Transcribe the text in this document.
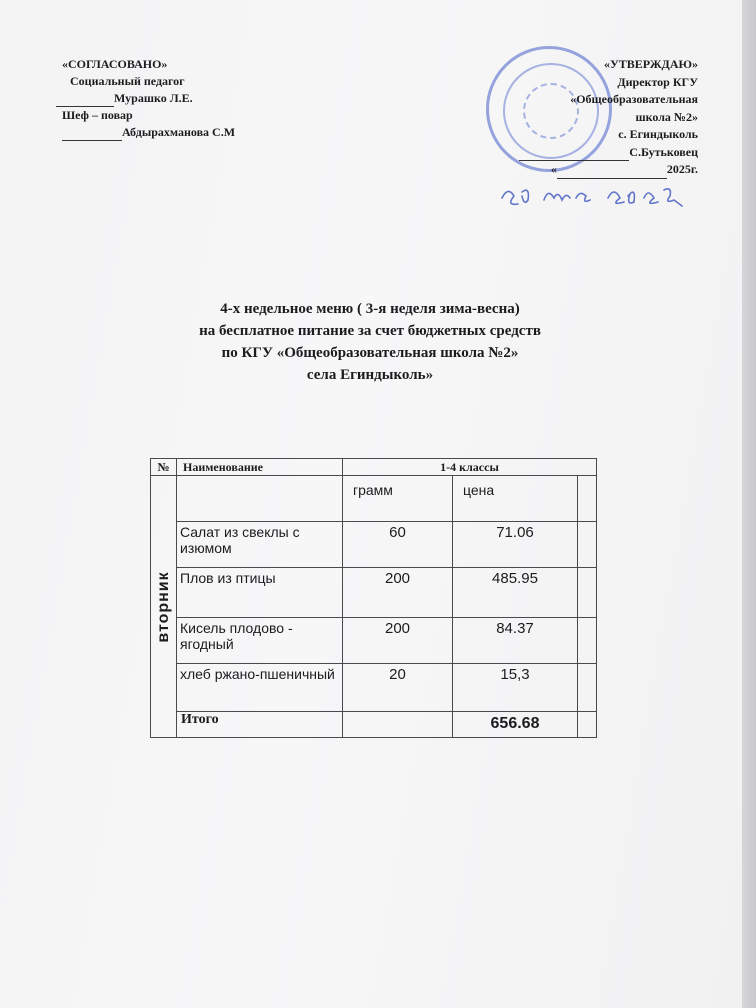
«СОГЛАСОВАНО»
Социальный педагог
Мурашко Л.Е.
Шеф – повар
Абдырахманова С.М
«УТВЕРЖДАЮ»
Директор КГУ
«Общеобразовательная
школа №2»
с. Егиндыколь
С.Бутьковец
«	2025г.
4-х недельное меню ( 3-я неделя зима-весна)
на бесплатное питание за счет бюджетных средств
по КГУ «Общеобразовательная школа №2»
села Егиндыколь»
№	Наименование	1-4 классы		

вторник		грамм	цена	
	Салат из свеклы с изюмом	60	71.06	
	Плов из птицы	200	485.95	
	Кисель плодово - ягодный	200	84.37	
	хлеб ржано-пшеничный	20	15,3	
	Итого		656.68	
